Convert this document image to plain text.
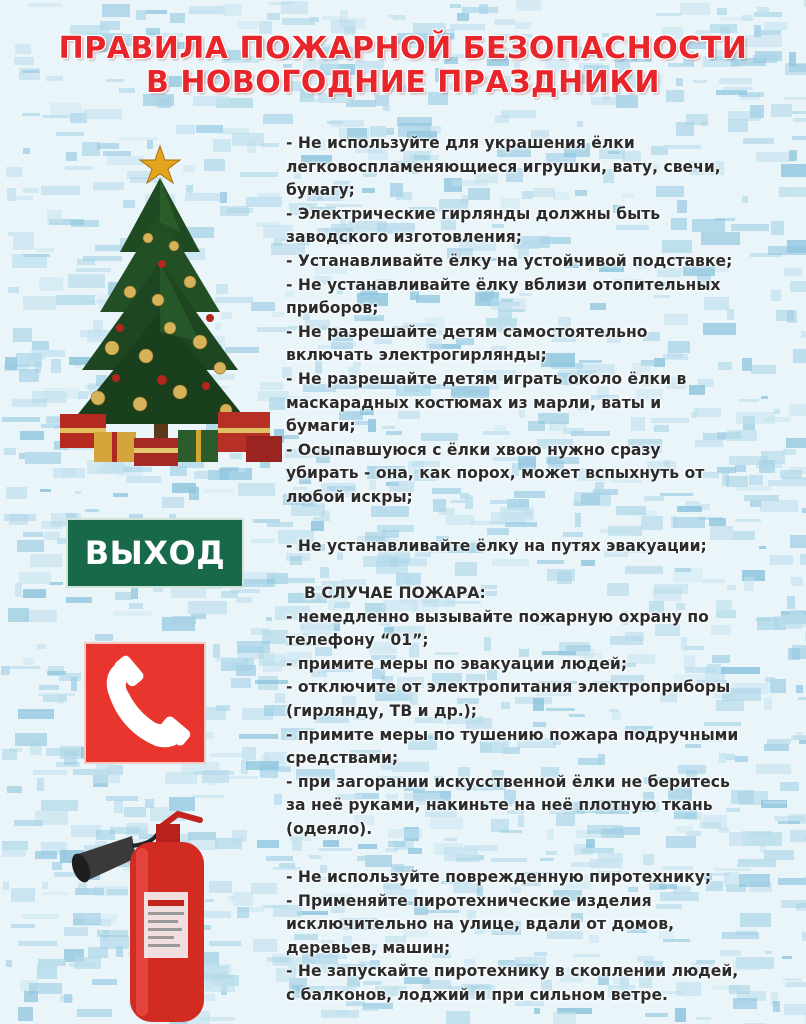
ПРАВИЛА ПОЖАРНОЙ БЕЗОПАСНОСТИ
В НОВОГОДНИЕ ПРАЗДНИКИ
ВЫХОД
- Не используйте для украшения ёлки
легковоспламеняющиеся игрушки, вату, свечи,
бумагу;
- Электрические гирлянды должны быть
заводского изготовления;
- Устанавливайте ёлку на устойчивой подставке;
- Не устанавливайте ёлку вблизи отопительных
приборов;
- Не разрешайте детям самостоятельно
включать электрогирлянды;
- Не разрешайте детям играть около ёлки в
маскарадных костюмах из марли, ваты и
бумаги;
- Осыпавшуюся с ёлки хвою нужно сразу
убирать - она, как порох, может вспыхнуть от
любой искры;
- Не устанавливайте ёлку на путях эвакуации;
В СЛУЧАЕ ПОЖАРА:
- немедленно вызывайте пожарную охрану по
телефону “01”;
- примите меры по эвакуации людей;
- отключите от электропитания электроприборы
(гирлянду, ТВ и др.);
- примите меры по тушению пожара подручными
средствами;
- при загорании искусственной ёлки не беритесь
за неё руками, накиньте на неё плотную ткань
(одеяло).
- Не используйте поврежденную пиротехнику;
- Применяйте пиротехнические изделия
исключительно на улице, вдали от домов,
деревьев, машин;
- Не запускайте пиротехнику в скоплении людей,
с балконов, лоджий и при сильном ветре.
